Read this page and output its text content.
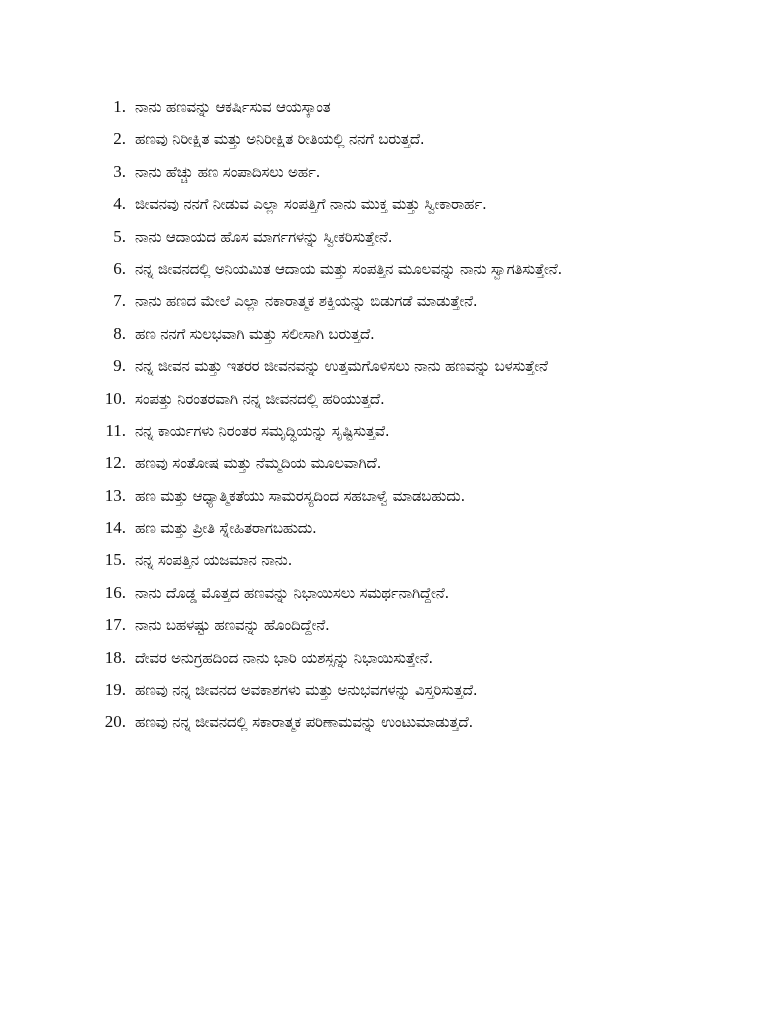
1. ನಾನು ಹಣವನ್ನು ಆಕರ್ಷಿಸುವ ಆಯಸ್ಕಾಂತ
2. ಹಣವು ನಿರೀಕ್ಷಿತ ಮತ್ತು ಅನಿರೀಕ್ಷಿತ ರೀತಿಯಲ್ಲಿ ನನಗೆ ಬರುತ್ತದೆ.
3. ನಾನು ಹೆಚ್ಚು ಹಣ ಸಂಪಾದಿಸಲು ಅರ್ಹ.
4. ಜೀವನವು ನನಗೆ ನೀಡುವ ಎಲ್ಲಾ ಸಂಪತ್ತಿಗೆ ನಾನು ಮುಕ್ತ ಮತ್ತು ಸ್ವೀಕಾರಾರ್ಹ.
5. ನಾನು ಆದಾಯದ ಹೊಸ ಮಾರ್ಗಗಳನ್ನು ಸ್ವೀಕರಿಸುತ್ತೇನೆ.
6. ನನ್ನ ಜೀವನದಲ್ಲಿ ಅನಿಯಮಿತ ಆದಾಯ ಮತ್ತು ಸಂಪತ್ತಿನ ಮೂಲವನ್ನು ನಾನು ಸ್ವಾಗತಿಸುತ್ತೇನೆ.
7. ನಾನು ಹಣದ ಮೇಲೆ ಎಲ್ಲಾ ನಕಾರಾತ್ಮಕ ಶಕ್ತಿಯನ್ನು ಬಿಡುಗಡೆ ಮಾಡುತ್ತೇನೆ.
8. ಹಣ ನನಗೆ ಸುಲಭವಾಗಿ ಮತ್ತು ಸಲೀಸಾಗಿ ಬರುತ್ತದೆ.
9. ನನ್ನ ಜೀವನ ಮತ್ತು ಇತರರ ಜೀವನವನ್ನು ಉತ್ತಮಗೊಳಿಸಲು ನಾನು ಹಣವನ್ನು ಬಳಸುತ್ತೇನೆ
10. ಸಂಪತ್ತು ನಿರಂತರವಾಗಿ ನನ್ನ ಜೀವನದಲ್ಲಿ ಹರಿಯುತ್ತದೆ.
11. ನನ್ನ ಕಾರ್ಯಗಳು ನಿರಂತರ ಸಮೃದ್ಧಿಯನ್ನು ಸೃಷ್ಟಿಸುತ್ತವೆ.
12. ಹಣವು ಸಂತೋಷ ಮತ್ತು ನೆಮ್ಮದಿಯ ಮೂಲವಾಗಿದೆ.
13. ಹಣ ಮತ್ತು ಆಧ್ಯಾತ್ಮಿಕತೆಯು ಸಾಮರಸ್ಯದಿಂದ ಸಹಬಾಳ್ವೆ ಮಾಡಬಹುದು.
14. ಹಣ ಮತ್ತು ಪ್ರೀತಿ ಸ್ನೇಹಿತರಾಗಬಹುದು.
15. ನನ್ನ ಸಂಪತ್ತಿನ ಯಜಮಾನ ನಾನು.
16. ನಾನು ದೊಡ್ಡ ಮೊತ್ತದ ಹಣವನ್ನು ನಿಭಾಯಿಸಲು ಸಮರ್ಥನಾಗಿದ್ದೇನೆ.
17. ನಾನು ಬಹಳಷ್ಟು ಹಣವನ್ನು ಹೊಂದಿದ್ದೇನೆ.
18. ದೇವರ ಅನುಗ್ರಹದಿಂದ ನಾನು ಭಾರಿ ಯಶಸ್ಸನ್ನು ನಿಭಾಯಿಸುತ್ತೇನೆ.
19. ಹಣವು ನನ್ನ ಜೀವನದ ಅವಕಾಶಗಳು ಮತ್ತು ಅನುಭವಗಳನ್ನು ವಿಸ್ತರಿಸುತ್ತದೆ.
20. ಹಣವು ನನ್ನ ಜೀವನದಲ್ಲಿ ಸಕಾರಾತ್ಮಕ ಪರಿಣಾಮವನ್ನು ಉಂಟುಮಾಡುತ್ತದೆ.
